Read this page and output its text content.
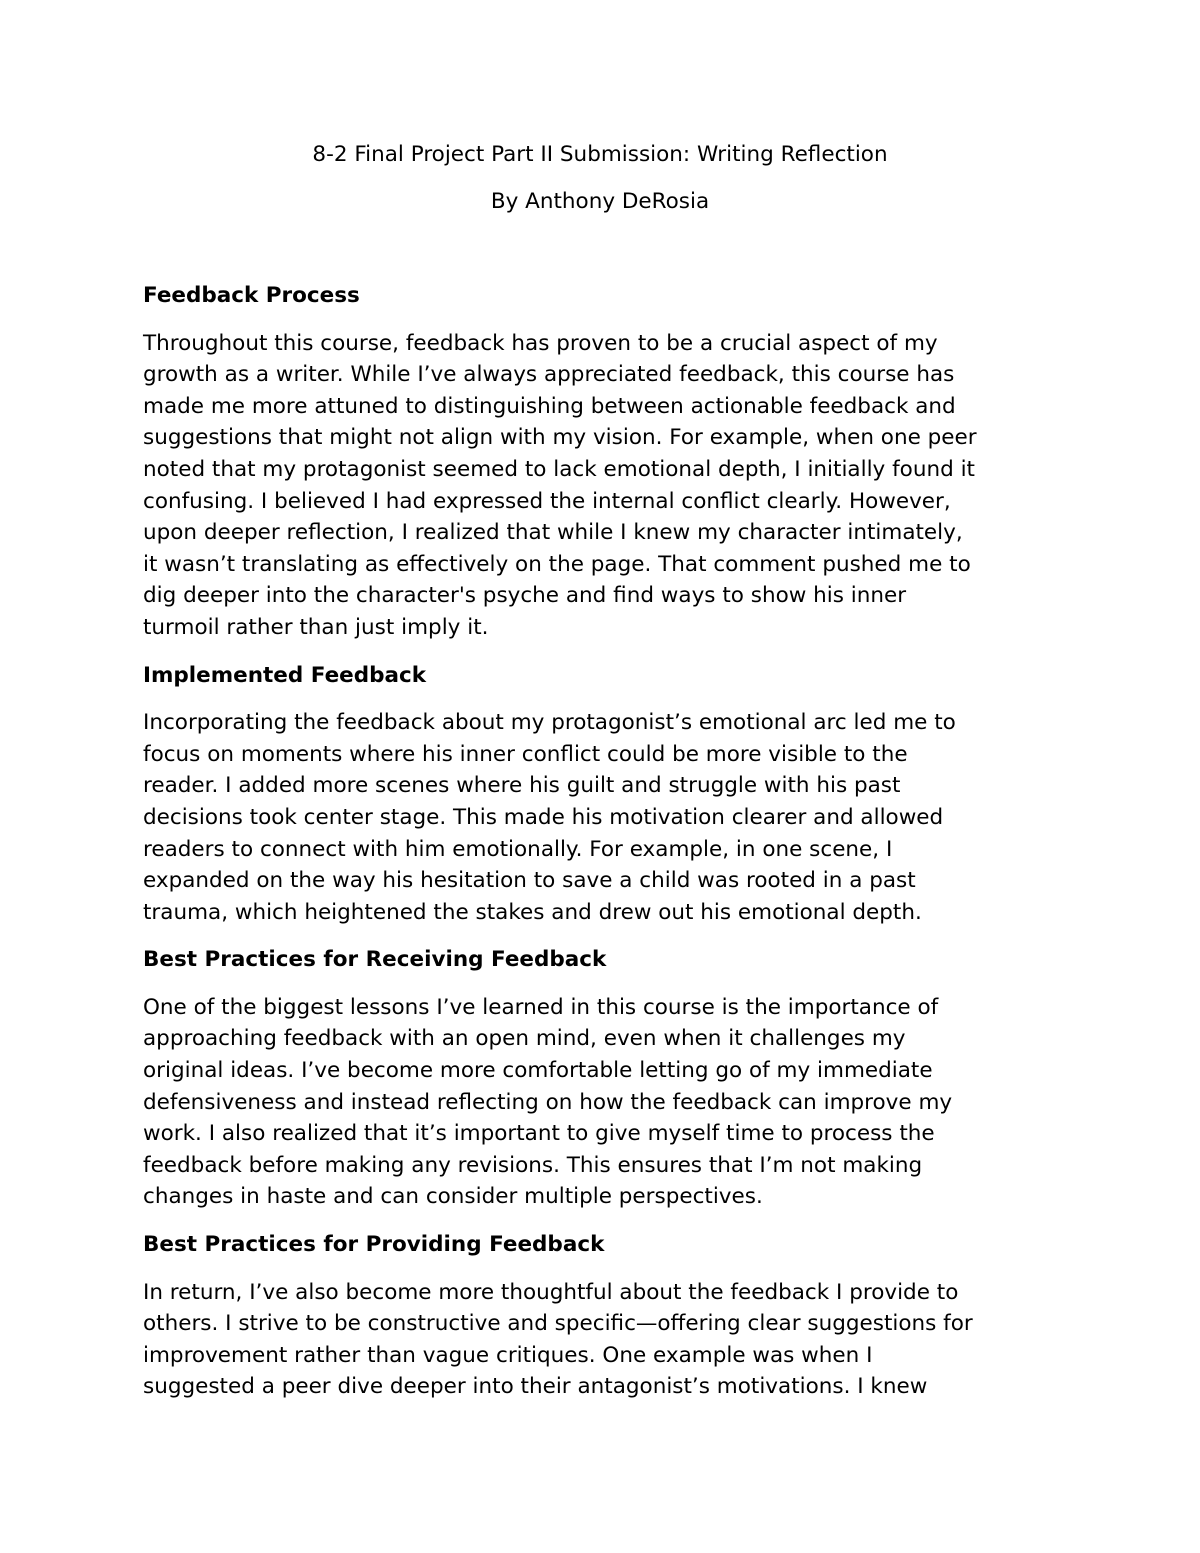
8-2 Final Project Part II Submission: Writing Reflection
By Anthony DeRosia
Feedback Process
Throughout this course, feedback has proven to be a crucial aspect of my
growth as a writer. While I’ve always appreciated feedback, this course has
made me more attuned to distinguishing between actionable feedback and
suggestions that might not align with my vision. For example, when one peer
noted that my protagonist seemed to lack emotional depth, I initially found it
confusing. I believed I had expressed the internal conflict clearly. However,
upon deeper reflection, I realized that while I knew my character intimately,
it wasn’t translating as effectively on the page. That comment pushed me to
dig deeper into the character's psyche and find ways to show his inner
turmoil rather than just imply it.
Implemented Feedback
Incorporating the feedback about my protagonist’s emotional arc led me to
focus on moments where his inner conflict could be more visible to the
reader. I added more scenes where his guilt and struggle with his past
decisions took center stage. This made his motivation clearer and allowed
readers to connect with him emotionally. For example, in one scene, I
expanded on the way his hesitation to save a child was rooted in a past
trauma, which heightened the stakes and drew out his emotional depth.
Best Practices for Receiving Feedback
One of the biggest lessons I’ve learned in this course is the importance of
approaching feedback with an open mind, even when it challenges my
original ideas. I’ve become more comfortable letting go of my immediate
defensiveness and instead reflecting on how the feedback can improve my
work. I also realized that it’s important to give myself time to process the
feedback before making any revisions. This ensures that I’m not making
changes in haste and can consider multiple perspectives.
Best Practices for Providing Feedback
In return, I’ve also become more thoughtful about the feedback I provide to
others. I strive to be constructive and specific—offering clear suggestions for
improvement rather than vague critiques. One example was when I
suggested a peer dive deeper into their antagonist’s motivations. I knew
